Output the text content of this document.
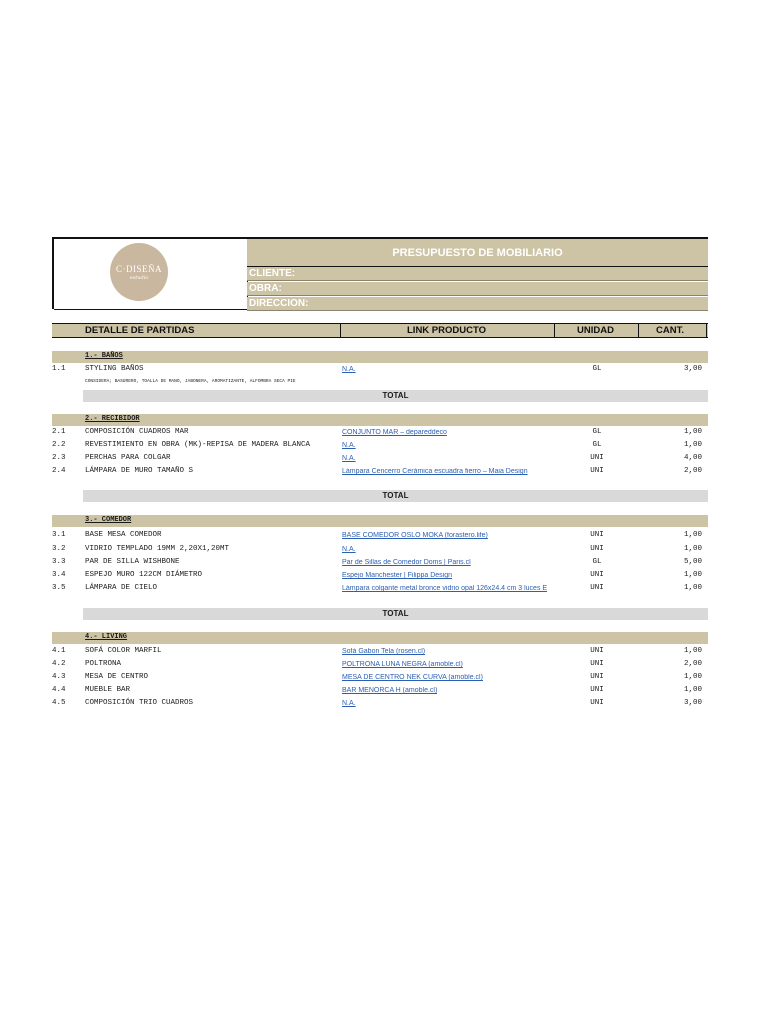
C·DISEÑA
estudio
PRESUPUESTO DE MOBILIARIO
CLIENTE:
OBRA:
DIRECCION:
DETALLE DE PARTIDAS	LINK PRODUCTO	UNIDAD	CANT.
1.- BAÑOS
1.1	STYLING BAÑOS	N.A.	GL	3,00
CONSIDERA; BASURERO, TOALLA DE MANO, JABONERA, AROMATIZANTE, ALFOMBRA SECA PIE
TOTAL
2.- RECIBIDOR
2.1	COMPOSICIÓN CUADROS MAR	CONJUNTO MAR – depareddeco	GL	1,00
2.2	REVESTIMIENTO EN OBRA (MK)-REPISA DE MADERA BLANCA	N.A.	GL	1,00
2.3	PERCHAS PARA COLGAR	N.A.	UNI	4,00
2.4	LÁMPARA DE MURO TAMAÑO S	Lámpara Cencerro Cerámica escuadra fierro – Maia Design	UNI	2,00
TOTAL
3.- COMEDOR
3.1	BASE MESA COMEDOR	BASE COMEDOR OSLO MOKA (forastero.life)	UNI	1,00
3.2	VIDRIO TEMPLADO 19MM 2,20X1,20MT	N.A.	UNI	1,00
3.3	PAR DE SILLA WISHBONE	Par de Sillas de Comedor Doms | Paris.cl	GL	5,00
3.4	ESPEJO MURO 122CM DIÁMETRO	Espejo Manchester | Filippa Design	UNI	1,00
3.5	LÁMPARA DE CIELO	Lámpara colgante metal bronce vidrio opal 126x24.4 cm 3 luces E	UNI	1,00
TOTAL
4.- LIVING
4.1	SOFÁ COLOR MARFIL	Sofá Gabon Tela (rosen.cl)	UNI	1,00
4.2	POLTRONA	POLTRONA LUNA NEGRA (amoble.cl)	UNI	2,00
4.3	MESA DE CENTRO	MESA DE CENTRO NEK CURVA (amoble.cl)	UNI	1,00
4.4	MUEBLE BAR	BAR MENORCA H (amoble.cl)	UNI	1,00
4.5	COMPOSICIÓN TRIO CUADROS	N.A.	UNI	3,00
